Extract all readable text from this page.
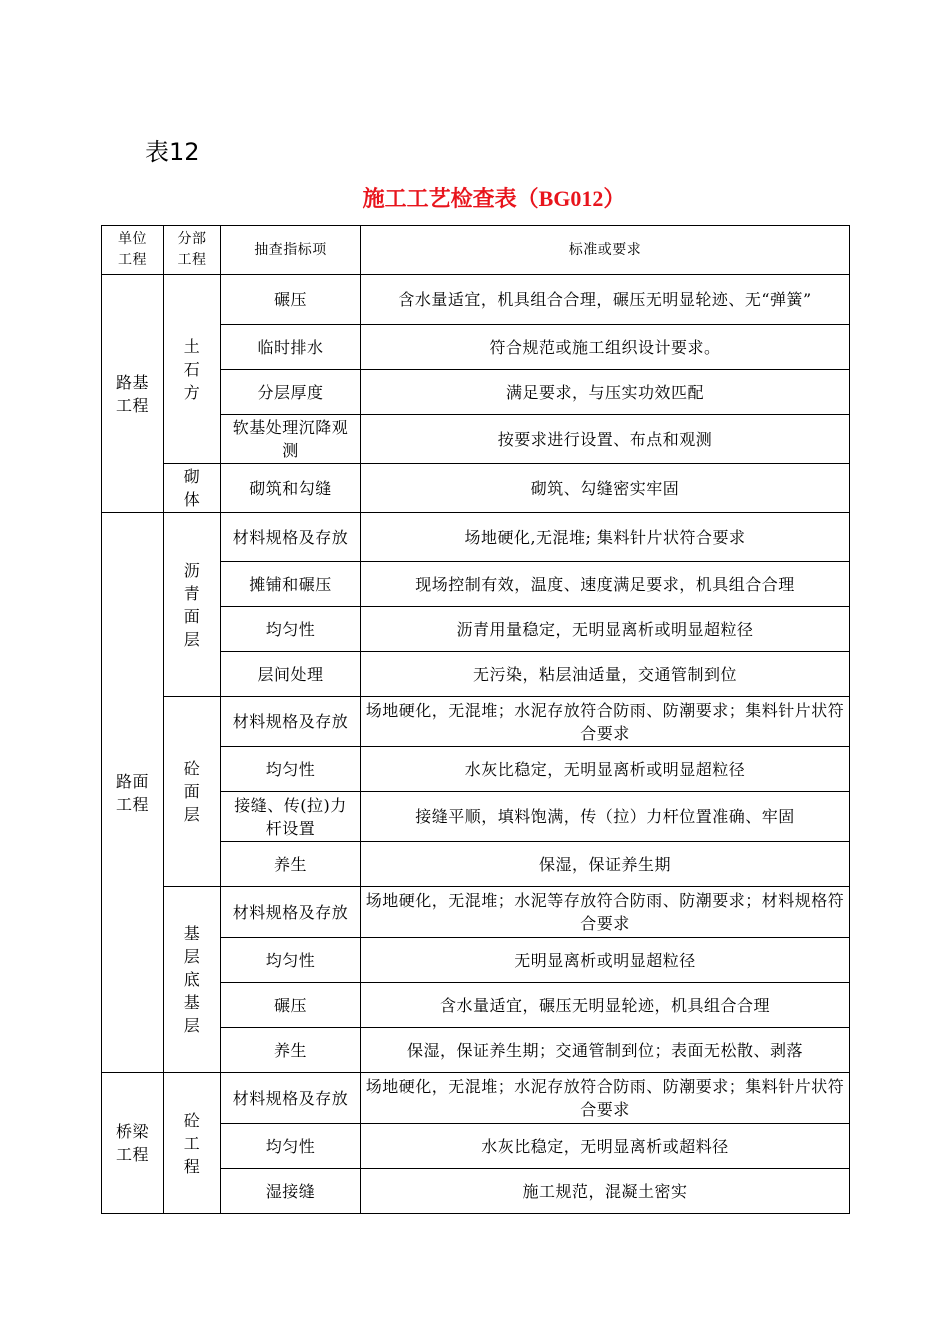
表12
施工工艺检查表（BG012）
单位工程	分部工程	抽查指标项	标准或要求
路基工程	土石方	碾压	含水量适宜，机具组合合理，碾压无明显轮迹、无“弹簧”
		临时排水	符合规范或施工组织设计要求。
		分层厚度	满足要求，与压实功效匹配
		软基处理沉降观测	按要求进行设置、布点和观测
	砌体	砌筑和勾缝	砌筑、勾缝密实牢固
路面工程	沥青面层	材料规格及存放	场地硬化,无混堆; 集料针片状符合要求
		摊铺和碾压	现场控制有效，温度、速度满足要求，机具组合合理
		均匀性	沥青用量稳定，无明显离析或明显超粒径
		层间处理	无污染，粘层油适量，交通管制到位
	砼面层	材料规格及存放	场地硬化，无混堆；水泥存放符合防雨、防潮要求；集料针片状符合要求
		均匀性	水灰比稳定，无明显离析或明显超粒径
		接缝、传(拉)力杆设置	接缝平顺，填料饱满，传（拉）力杆位置准确、牢固
		养生	保湿，保证养生期
	基层底基层	材料规格及存放	场地硬化，无混堆；水泥等存放符合防雨、防潮要求；材料规格符合要求
		均匀性	无明显离析或明显超粒径
		碾压	含水量适宜，碾压无明显轮迹，机具组合合理
		养生	保湿，保证养生期；交通管制到位；表面无松散、剥落
桥梁工程	砼工程	材料规格及存放	场地硬化，无混堆；水泥存放符合防雨、防潮要求；集料针片状符合要求
		均匀性	水灰比稳定，无明显离析或超料径
		湿接缝	施工规范，混凝土密实
